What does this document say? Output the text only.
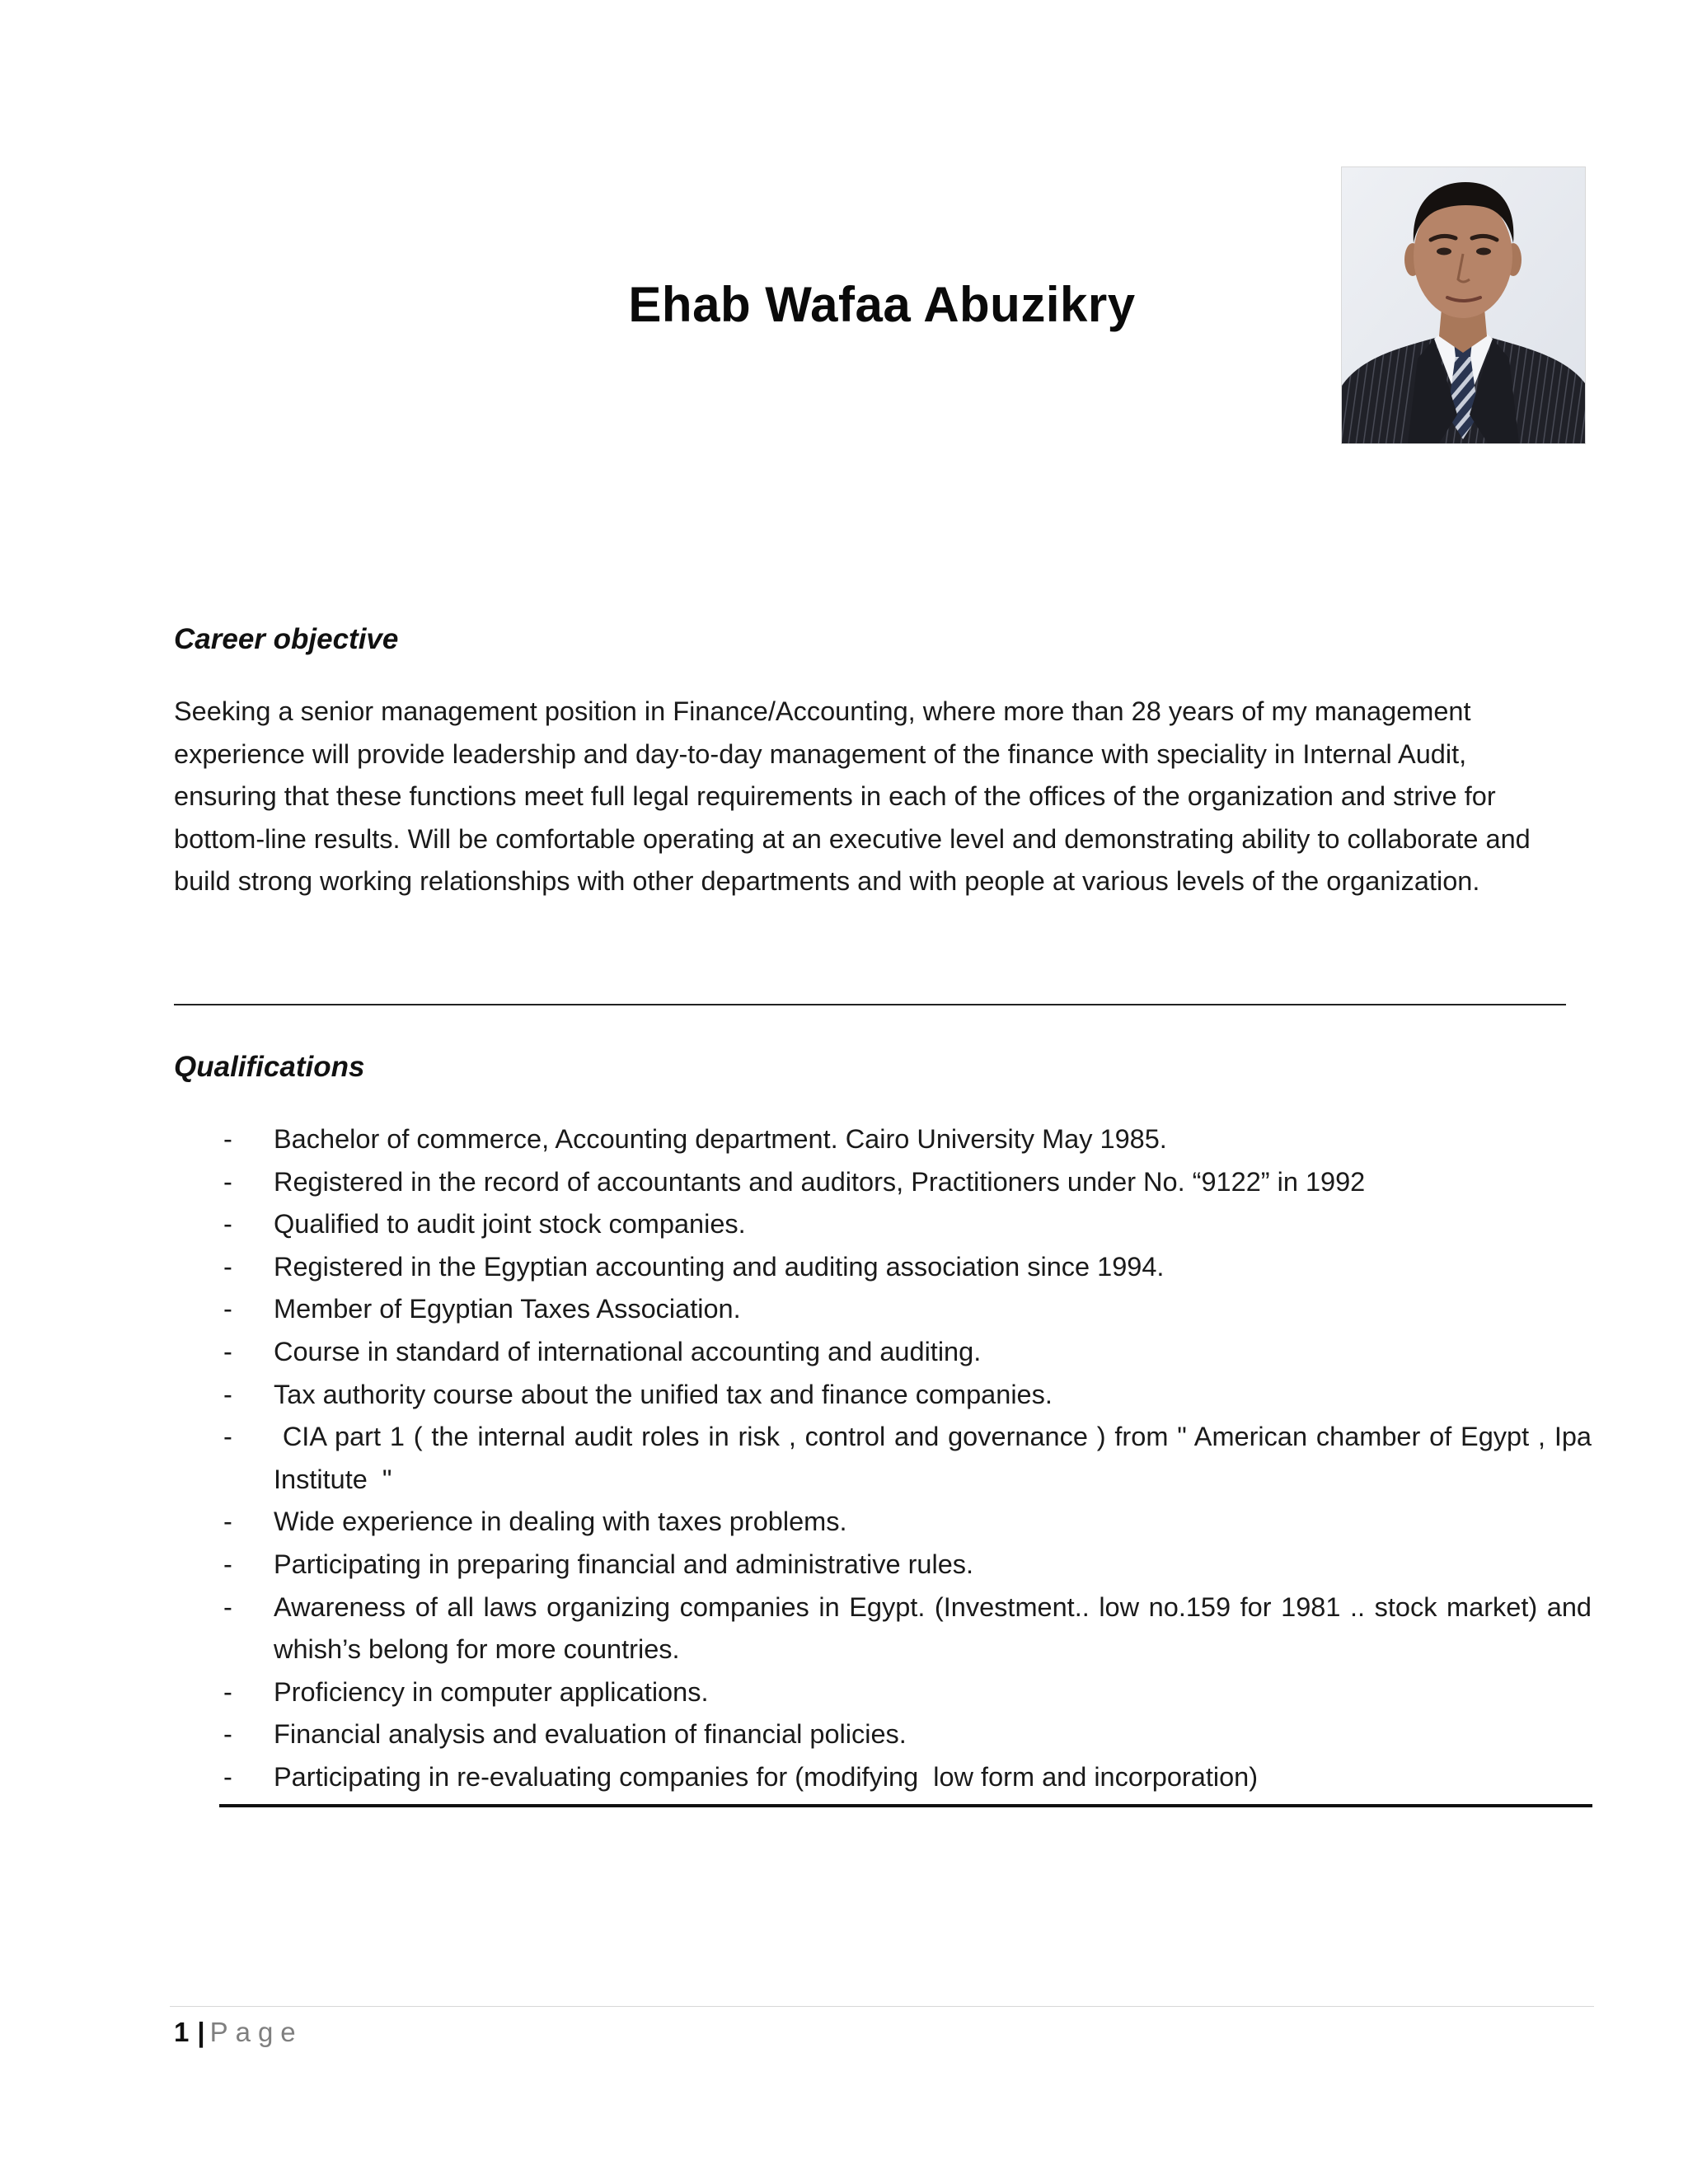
Ehab Wafaa Abuzikry
Career objective
Seeking a senior management position in Finance/Accounting, where more than 28 years of my management experience will provide leadership and day-to-day management of the finance with speciality in Internal Audit, ensuring that these functions meet full legal requirements in each of the offices of the organization and strive for bottom-line results. Will be comfortable operating at an executive level and demonstrating ability to collaborate and build strong working relationships with other departments and with people at various levels of the organization.
Qualifications
-	Bachelor of commerce, Accounting department. Cairo University May 1985.
-	Registered in the record of accountants and auditors, Practitioners under No. “9122” in 1992
-	Qualified to audit joint stock companies.
-	Registered in the Egyptian accounting and auditing association since 1994.
-	Member of Egyptian Taxes Association.
-	Course in standard of international accounting and auditing.
-	Tax authority course about the unified tax and finance companies.
-	CIA part 1 ( the internal audit roles in risk , control and governance ) from " American chamber of Egypt , Ipa Institute  "
-	Wide experience in dealing with taxes problems.
-	Participating in preparing financial and administrative rules.
-	Awareness of all laws organizing companies in Egypt. (Investment.. low no.159 for 1981 .. stock market) and whish’s belong for more countries.
-	Proficiency in computer applications.
-	Financial analysis and evaluation of financial policies.
-	Participating in re-evaluating companies for (modifying  low form and incorporation)
1 | Page
